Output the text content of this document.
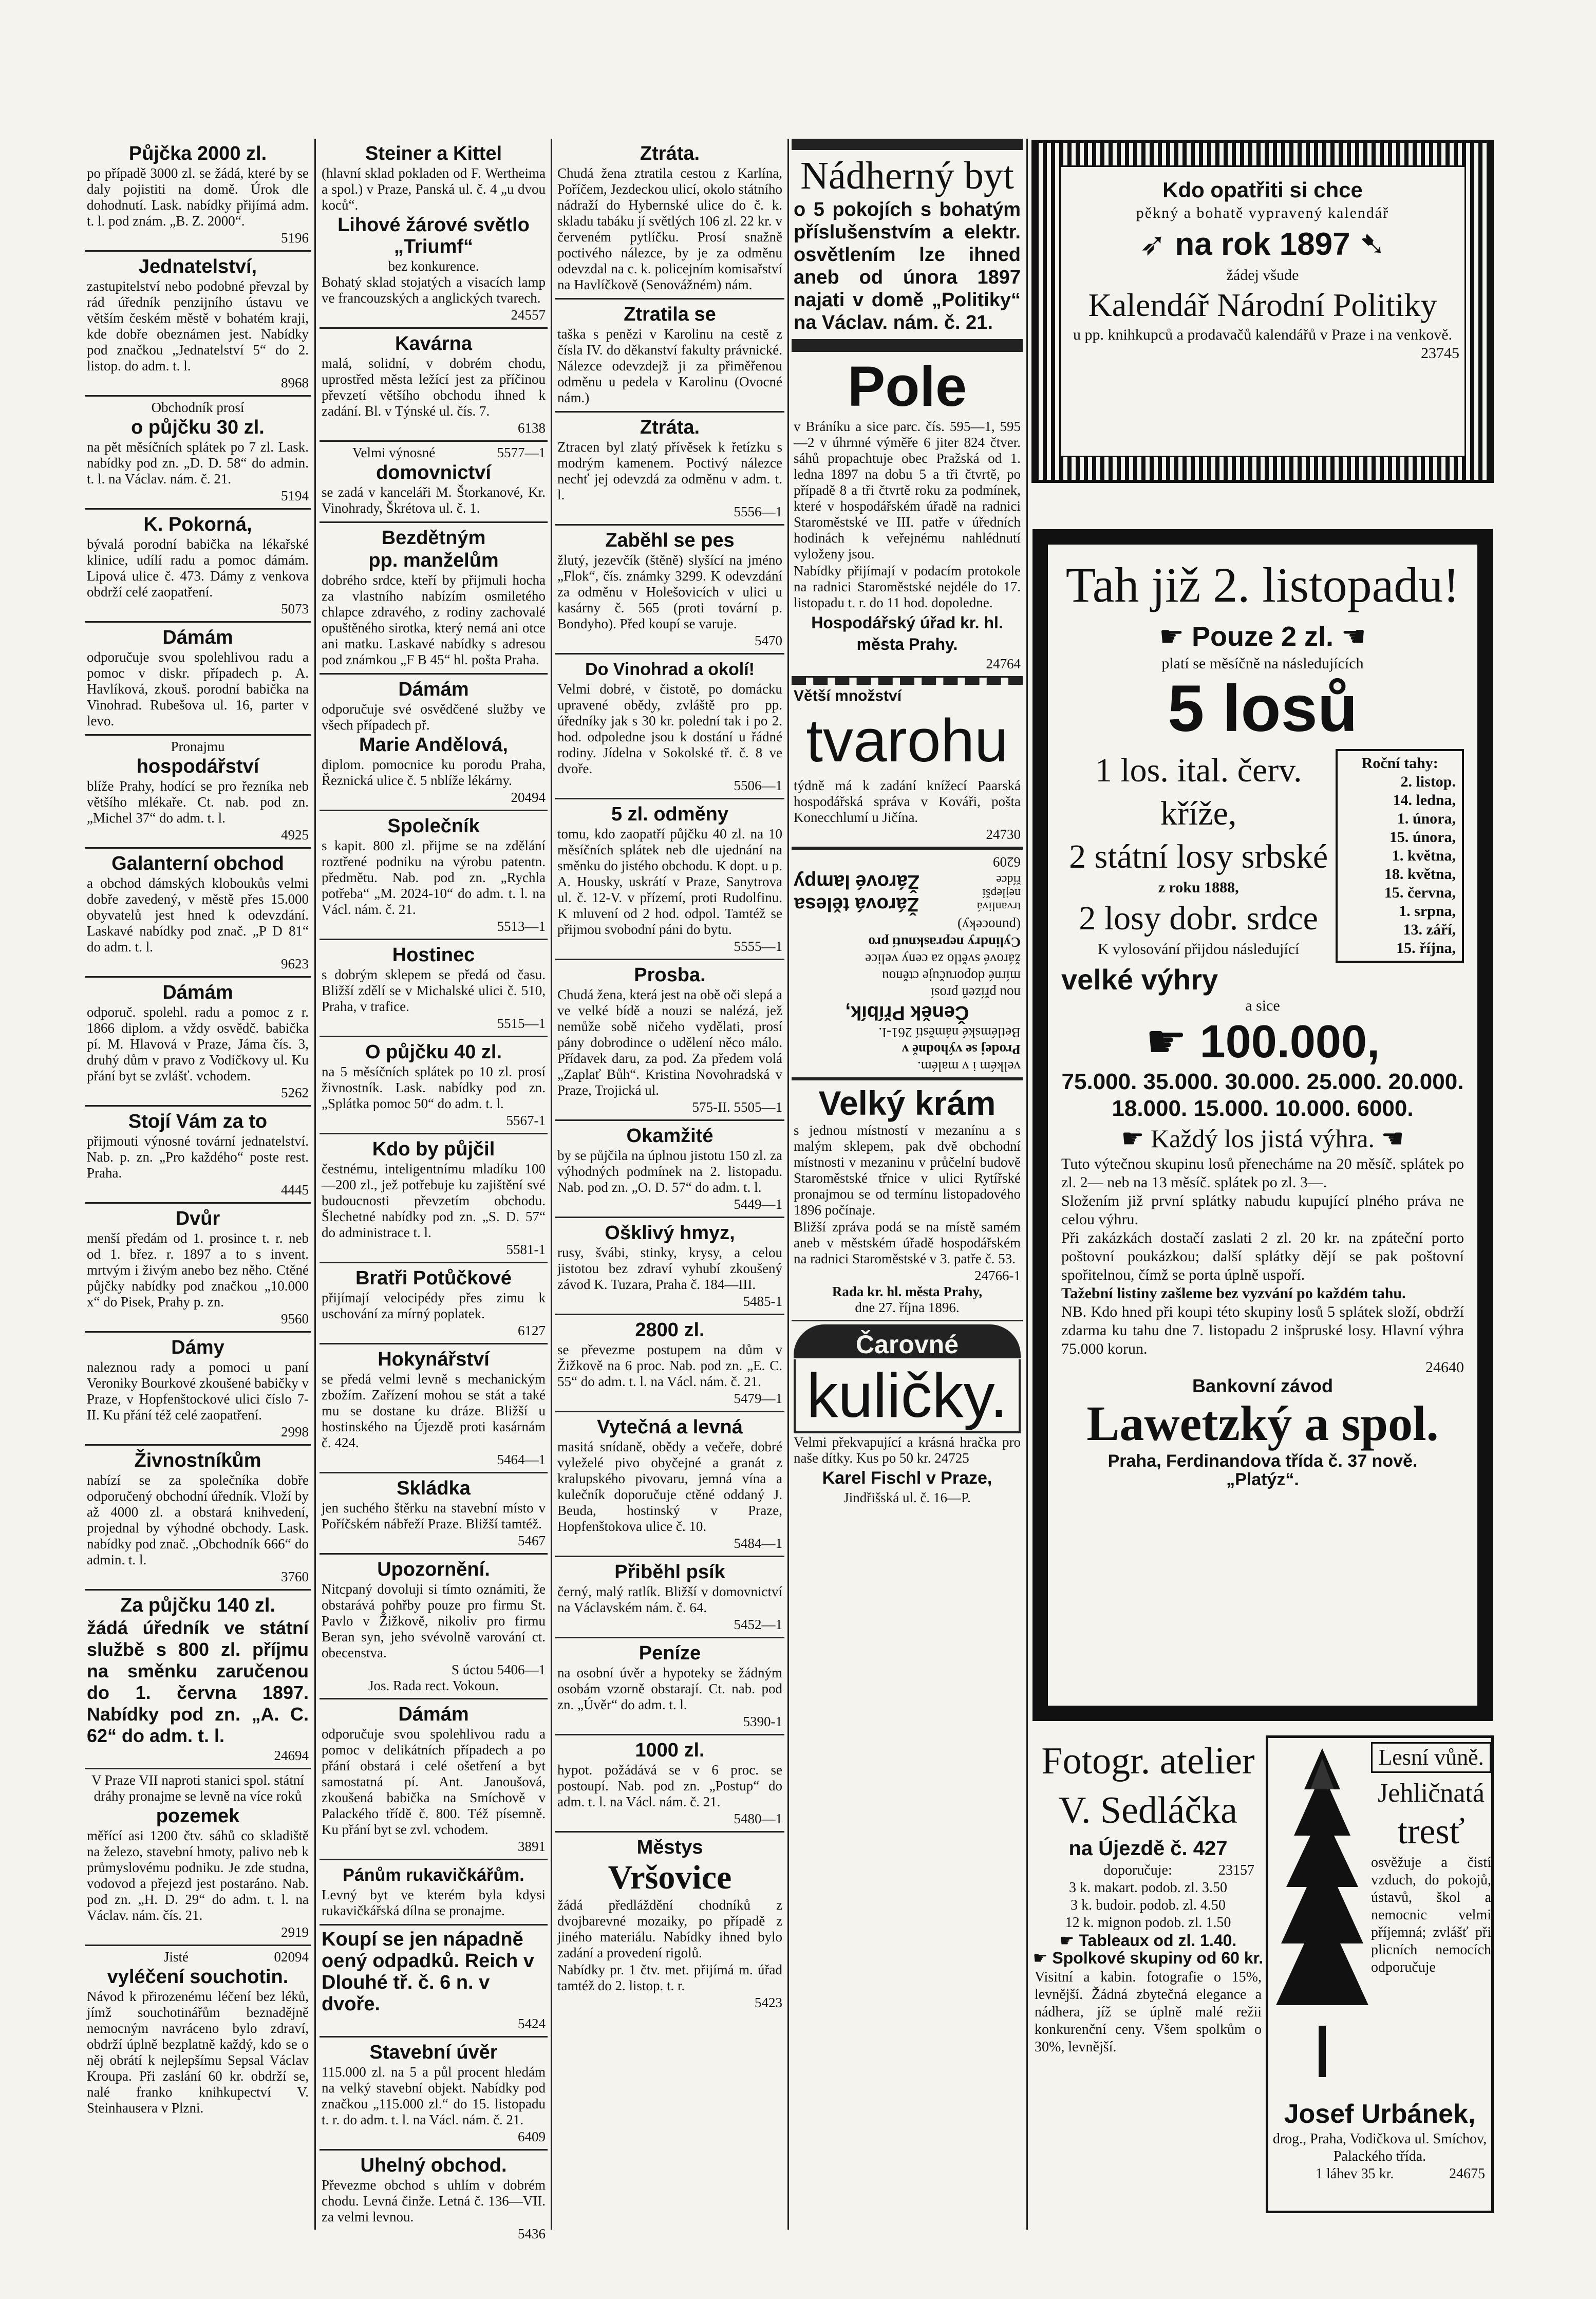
Půjčka 2000 zl.

po případě 3000 zl. se žádá, které by se daly pojistiti na domě. Úrok dle dohodnutí. Lask. nabídky přijímá adm. t. l. pod znám. „B. Z. 2000“.

5196
Jednatelství,

zastupitelství nebo podobné převzal by rád úředník penzijního ústavu ve větším českém městě v bohatém kraji, kde dobře obeznámen jest. Nabídky pod značkou „Jednatelství 5“ do 2. listop. do adm. t. l.

8968
Obchodník prosí
o půjčku 30 zl.

na pět měsíčních splátek po 7 zl. Lask. nabídky pod zn. „D. D. 58“ do admin. t. l. na Václav. nám. č. 21.

5194
K. Pokorná,

bývalá porodní babička na lékařské klinice, udílí radu a pomoc dámám. Lipová ulice č. 473. Dámy z venkova obdrží celé zaopatření.

5073
Dámám

odporučuje svou spolehlivou radu a pomoc v diskr. případech p. A. Havlíková, zkouš. porodní babička na Vinohrad. Rubešova ul. 16, parter v levo.

Pronajmu
hospodářství

blíže Prahy, hodící se pro řezníka neb většího mlékaře. Ct. nab. pod zn. „Michel 37“ do adm. t. l.

4925
Galanterní obchod

a obchod dámských kloboukůs velmi dobře zavedený, v městě přes 15.000 obyvatelů jest hned k odevzdání. Laskavé nabídky pod znač. „P D 81“ do adm. t. l.

9623
Dámám

odporuč. spolehl. radu a pomoc z r. 1866 diplom. a vždy osvědč. babička pí. M. Hlavová v Praze, Jáma čís. 3, druhý dům v pravo z Vodičkovy ul. Ku přání byt se zvlášť. vchodem.

5262
Stojí Vám za to

přijmouti výnosné tovární jednatelství. Nab. p. zn. „Pro každého“ poste rest. Praha.

4445
Dvůr

menší předám od 1. prosince t. r. neb od 1. břez. r. 1897 a to s invent. mrtvým i živým anebo bez něho. Ctěné půjčky nabídky pod značkou „10.000 x“ do Pisek, Prahy p. zn.

9560
Dámy

naleznou rady a pomoci u paní Veroniky Bourkové zkoušené babičky v Praze, v Hopfenštockové ulici číslo 7-II. Ku přání též celé zaopatření.

2998
Živnostníkům

nabízí se za společníka dobře odporučený obchodní úředník. Vloží by až 4000 zl. a obstará knihvedení, projednal by výhodné obchody. Lask. nabídky pod znač. „Obchodník 666“ do admin. t. l.

3760
Za půjčku 140 zl.

žádá úředník ve státní službě s 800 zl. příjmu na směnku zaručenou do 1. června 1897. Nabídky pod zn. „A. C. 62“ do adm. t. l.

24694

V Praze VII naproti stanici spol. státní dráhy pronajme se levně na více roků

pozemek

měřící asi 1200 čtv. sáhů co skladiště na železo, stavební hmoty, palivo neb k průmyslovému podniku. Je zde studna, vodovod a přejezd jest postaráno. Nab. pod zn. „H. D. 29“ do adm. t. l. na Václav. nám. čís. 21.

2919
Jisté	02094
vyléčení souchotin.

Návod k přirozenému léčení bez léků, jímž souchotinářům beznadějně nemocným navráceno bylo zdraví, obdrží úplně bezplatně každý, kdo se o něj obrátí k nejlepšímu Sepsal Václav Kroupa. Při zaslání 60 kr. obdrží se, nalé franko knihkupectví V. Steinhausera v Plzni.

Steiner a Kittel

(hlavní sklad pokladen od F. Wertheima a spol.) v Praze, Panská ul. č. 4 „u dvou koců“.

Lihové žárové světlo „Triumf“
bez konkurence.

Bohatý sklad stojatých a visacích lamp ve francouzských a anglických tvarech.

24557
Kavárna

malá, solidní, v dobrém chodu, uprostřed města ležící jest za příčinou převzetí většího obchodu ihned k zadání. Bl. v Týnské ul. čís. 7.

6138
Velmi výnosné	5577—1
domovnictví

se zadá v kanceláři M. Štorkanové, Kr. Vinohrady, Škrétova ul. č. 1.

Bezdětným
pp. manželům

dobrého srdce, kteří by přijmuli hocha za vlastního nabízím osmiletého chlapce zdravého, z rodiny zachovalé opuštěného sirotka, který nemá ani otce ani matku. Laskavé nabídky s adresou pod známkou „F B 45“ hl. pošta Praha.

Dámám

odporučuje své osvědčené služby ve všech případech př.

Marie Andělová,

diplom. pomocnice ku porodu Praha, Řeznická ulice č. 5 nblíže lékárny.

20494
Společník

s kapit. 800 zl. přijme se na zdělání roztřené podniku na výrobu patentn. předmětu. Nab. pod zn. „Rychla potřeba“ „M. 2024-10“ do adm. t. l. na Václ. nám. č. 21.

5513—1
Hostinec

s dobrým sklepem se předá od času. Bližší zdělí se v Michalské ulici č. 510, Praha, v trafice.

5515—1
O půjčku 40 zl.

na 5 měsíčních splátek po 10 zl. prosí živnostník. Lask. nabídky pod zn. „Splátka pomoc 50“ do adm. t. l.

5567-1
Kdo by půjčil

čestnému, inteligentnímu mladíku 100—200 zl., jež potřebuje ku zajištění své budoucnosti převzetím obchodu. Šlechetné nabídky pod zn. „S. D. 57“ do administrace t. l.

5581-1
Bratři Potůčkové

přijímají velocipédy přes zimu k uschování za mírný poplatek.

6127
Hokynářství

se předá velmi levně s mechanickým zbožím. Zařízení mohou se stát a také mu se dostane ku dráze. Bližší u hostinského na Újezdě proti kasárnám č. 424.

5464—1
Skládka

jen suchého štěrku na stavební místo v Poříčském nábřeží Praze. Bližší tamtéž.

5467
Upozornění.

Nitcpaný dovoluji si tímto oznámiti, že obstarává pohřby pouze pro firmu St. Pavlo v Žižkově, nikoliv pro firmu Beran syn, jeho svévolně varování ct. obecenstva.

S úctou 5406—1
Jos. Rada rect. Vokoun.
Dámám

odporučuje svou spolehlivou radu a pomoc v delikátních případech a po přání obstará i celé ošetření a byt samostatná pí. Ant. Janoušová, zkoušená babička na Smíchově v Palackého třídě č. 800. Též písemně. Ku přání byt se zvl. vchodem.

3891
Pánům rukavičkářům.

Levný byt ve kterém byla kdysi rukavičkářská dílna se pronajme.

Koupí se jen nápadně oený odpadků. Reich v Dlouhé tř. č. 6 n. v dvoře.

5424
Stavební úvěr

115.000 zl. na 5 a půl procent hledám na velký stavební objekt. Nabídky pod značkou „115.000 zl.“ do 15. listopadu t. r. do adm. t. l. na Václ. nám. č. 21.

6409
Uhelný obchod.

Převezme obchod s uhlím v dobrém chodu. Levná činže. Letná č. 136—VII. za velmi levnou.

5436
Ztráta.

Chudá žena ztratila cestou z Karlína, Poříčem, Jezdeckou ulicí, okolo státního nádraží do Hybernské ulice do č. k. skladu tabáku jí světlých 106 zl. 22 kr. v červeném pytlíčku. Prosí snažně poctivého nálezce, by je za odměnu odevzdal na c. k. policejním komisařství na Havlíčkově (Senovážném) nám.

Ztratila se

taška s penězi v Karolinu na cestě z čísla IV. do děkanství fakulty právnické. Nálezce odevzdejž ji za přiměřenou odměnu u pedela v Karolinu (Ovocné nám.)

Ztráta.

Ztracen byl zlatý přívěsek k řetízku s modrým kamenem. Poctivý nálezce nechť jej odevzdá za odměnu v adm. t. l.

5556—1
Zaběhl se pes

žlutý, jezevčík (štěně) slyšící na jméno „Flok“, čís. známky 3299. K odevzdání za odměnu v Holešovicích v ulici u kasárny č. 565 (proti tovární p. Bondyho). Před koupí se varuje.

5470
Do Vinohrad a okolí!

Velmi dobré, v čistotě, po domácku upravené obědy, zvláště pro pp. úředníky jak s 30 kr. polední tak i po 2. hod. odpoledne jsou k dostání u řádné rodiny. Jídelna v Sokolské tř. č. 8 ve dvoře.

5506—1
5 zl. odměny

tomu, kdo zaopatří půjčku 40 zl. na 10 měsíčních splátek neb dle ujednání na směnku do jistého obchodu. K dopt. u p. A. Housky, uskrátí v Praze, Sanytrova ul. č. 12-V. v přízemí, proti Rudolfinu. K mluvení od 2 hod. odpol. Tamtéž se přijmou svobodní páni do bytu.

5555—1
Prosba.

Chudá žena, která jest na obě oči slepá a ve velké bídě a nouzi se nalézá, jež nemůže sobě ničeho vydělati, prosí pány dobrodince o udělení něco málo. Přídavek daru, za pod. Za předem volá „Zaplať Bůh“. Kristina Novohradská v Praze, Trojická ul.

575-II. 5505—1
Okamžité

by se půjčila na úplnou jistotu 150 zl. za výhodných podmínek na 2. listopadu. Nab. pod zn. „O. D. 57“ do adm. t. l.

5449—1
Ošklivý hmyz,

rusy, švábi, stinky, krysy, a celou jistotou bez zdraví vyhubí zkoušený závod K. Tuzara, Praha č. 184—III.

5485-1
2800 zl.

se převezme postupem na dům v Žižkově na 6 proc. Nab. pod zn. „E. C. 55“ do adm. t. l. na Václ. nám. č. 21.

5479—1
Vytečná a levná

masitá snídaně, obědy a večeře, dobré vyleželé pivo obyčejné a granát z kralupského pivovaru, jemná vína a kulečník doporučuje ctěné oddaný J. Beuda, hostinský v Praze, Hopfenštokova ulice č. 10.

5484—1
Přiběhl psík

černý, malý ratlík. Bližší v domovnictví na Václavském nám. č. 64.

5452—1
Peníze

na osobní úvěr a hypoteky se žádným osobám vzorně obstarají. Ct. nab. pod zn. „Úvěr“ do adm. t. l.

5390-1
1000 zl.

hypot. požádává se v 6 proc. se postoupí. Nab. pod zn. „Postup“ do adm. t. l. na Václ. nám. č. 21.

5480—1
Městys
Vršovice

žádá předláždění chodníků z dvojbarevné mozaiky, po případě z jiného materiálu. Nabídky ihned bylo zadání a provedení rigolů.

Nabídky pr. 1 čtv. met. přijímá m. úřad tamtéž do 2. listop. t. r.

5423
Nádherný byt

o 5 pokojích s bohatým příslušenstvím a elektr. osvětlením lze ihned aneb od února 1897 najati v domě „Politiky“ na Václav. nám. č. 21.

Pole

v Bráníku a sice parc. čís. 595—1, 595—2 v úhrnné výměře 6 jiter 824 čtver. sáhů propachtuje obec Pražská od 1. ledna 1897 na dobu 5 a tři čtvrtě, po případě 8 a tři čtvrtě roku za podmínek, které v hospodářském úřadě na radnici Staroměstské ve III. patře v úředních hodinách k veřejnému nahlédnutí vyloženy jsou.

Nabídky přijímají v podacím protokole na radnici Staroměstské nejdéle do 17. listopadu t. r. do 11 hod. dopoledne.

Hospodářský úřad kr. hl. města Prahy.
24764
Větší množství
tvarohu

týdně má k zadání knížecí Paarská hospodářská správa v Kováři, pošta Konecchlumí u Jičína.

24730

velkém i v malém.

Prodej se výhodně v

Betlémské náměstí 261-I.

Čeněk Příbík,

nou přízeň prosí

mírné doporučuje ctěnou

žárové světlo za ceny velice

Cylindry neprasknutí pro

(punoceky)

trvanlivá
nejlepší
řídce
Žárová tělesa
Žárové lampy
6209
Velký krám

s jednou místností v mezanínu a s malým sklepem, pak dvě obchodní místnosti v mezaninu v průčelní budově Staroměstské třnice v ulici Rytířské pronajmou se od termínu listopadového 1896 počínaje.

Bližší zpráva podá se na místě samém aneb v městském úřadě hospodářském na radnici Staroměstské v 3. patře č. 53.

24766-1
Rada kr. hl. města Prahy,
dne 27. října 1896.
Čarovné
kuličky.

Velmi překvapující a krásná hračka pro naše dítky. Kus po 50 kr. 24725

Karel Fischl v Praze,
Jindřišská ul. č. 16—P.
Kdo opatřiti si chce
pěkný a bohatě vypravený kalendář
➶ na rok 1897 ➷
žádej všude
Kalendář Národní Politiky
u pp. knihkupců a prodavačů kalendářů v Praze i na venkově.
23745
Tah již 2. listopadu!
☛ Pouze 2 zl. ☚
platí se měsíčně na následujících
5 losů
1 los. ital. červ. kříže,
2 státní losy srbské
z roku 1888,
2 losy dobr. srdce
K vylosování přijdou následující
Roční tahy:
2. listop.
14. ledna,
1. února,
15. února,
1. května,
18. května,
15. června,
1. srpna,
13. září,
15. října,
velké výhry
a sice
☛ 100.000,
75.000. 35.000. 30.000. 25.000. 20.000. 18.000. 15.000. 10.000. 6000.
☛ Každý los jistá výhra. ☚

Tuto výtečnou skupinu losů přenecháme na 20 měsíč. splátek po zl. 2— neb na 13 měsíč. splátek po zl. 3—.

Složením již první splátky nabudu kupující plného práva ne celou výhru.

Při zakázkách dostačí zaslati 2 zl. 20 kr. na zpáteční porto poštovní poukázkou; další splátky dějí se pak poštovní spořitelnou, čímž se porta úplně uspoří.

Tažební listiny zašleme bez vyzvání po každém tahu.

NB. Kdo hned při koupi této skupiny losů 5 splátek složí, obdrží zdarma ku tahu dne 7. listopadu 2 inšpruské losy. Hlavní výhra 75.000 korun.

24640
Bankovní závod
Lawetzký a spol.
Praha, Ferdinandova třída č. 37 nově.
„Platýz“.
Fotogr. atelier
V. Sedláčka
na Újezdě č. 427
doporučuje:	23157
3 k. makart. podob. zl. 3.50
3 k. budoir. podob. zl. 4.50
12 k. mignon podob. zl. 1.50
☛ Tableaux od zl. 1.40.
☛ Spolkové skupiny od 60 kr.

Visitní a kabin. fotografie o 15%, levnější. Žádná zbytečná elegance a nádhera, jíž se úplně malé režii konkurenční ceny. Všem spolkům o 30%, levnější.

Lesní vůně.
Jehličnatá
tresť

osvěžuje a čistí vzduch, do pokojů, ústavů, škol a nemocnic velmi příjemná; zvlášť při plicních nemocích odporučuje

Josef Urbánek,
drog., Praha, Vodičkova ul. Smíchov, Palackého třída.
1 láhev 35 kr.	24675
